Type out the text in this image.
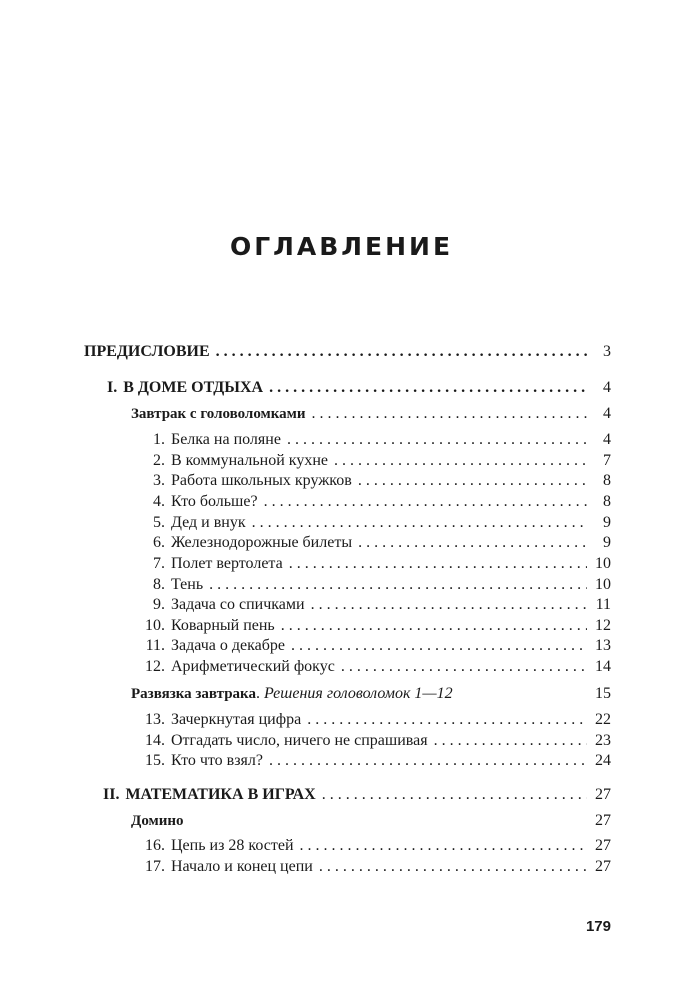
ОГЛАВЛЕНИЕ
ПРЕДИСЛОВИЕ . . .	3
I. В ДОМЕ ОТДЫХА . . .	4
Завтрак с головоломками . . .	4
1. Белка на поляне . . .	4
2. В коммунальной кухне . . .	7
3. Работа школьных кружков . . .	8
4. Кто больше? . . .	8
5. Дед и внук . . .	9
6. Железнодорожные билеты . . .	9
7. Полет вертолета . . .	10
8. Тень . . .	10
9. Задача со спичками . . .	11
10. Коварный пень . . .	12
11. Задача о декабре . . .	13
12. Арифметический фокус . . .	14
Развязка завтрака . Решения головоломок 1—12	15
13. Зачеркнутая цифра . . .	22
14. Отгадать число, ничего не спрашивая . . .	23
15. Кто что взял? . . .	24
II. МАТЕМАТИКА В ИГРАХ . . .	27
Домино	27
16. Цепь из 28 костей . . .	27
17. Начало и конец цепи . . .	27
179
